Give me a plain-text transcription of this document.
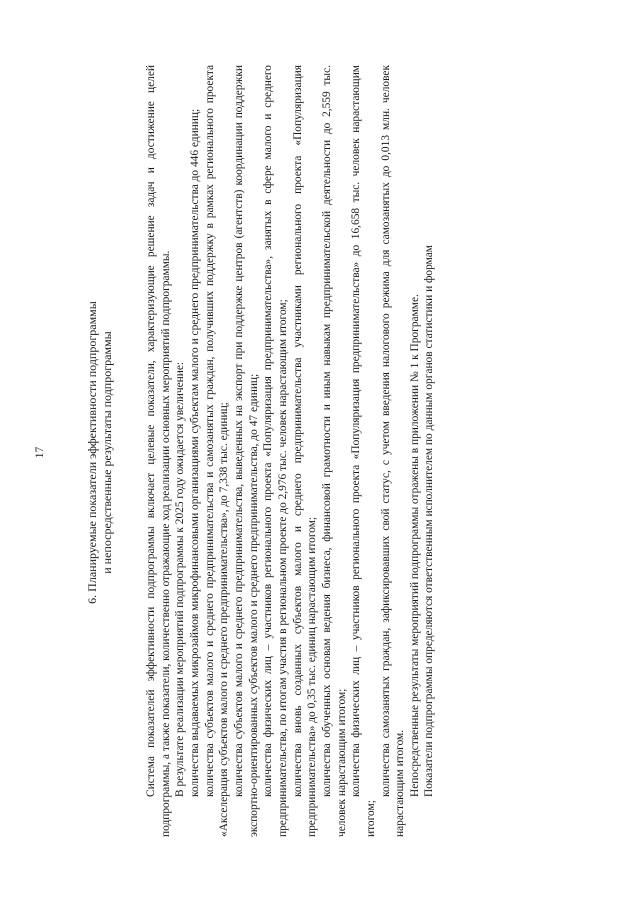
17	6. Планируемые показатели эффективности подпрограммы и непосредственные результаты подпрограммы	Система показателей эффективности подпрограммы включает целевые показатели, характеризующие решение задач и достижение целей подпрограммы, а также показатели, количественно отражающие ход реализации основных мероприятий подпрограммы. В результате реализации мероприятий подпрограммы к 2025 году ожидается увеличение: количества выдаваемых микрозаймов микрофинансовыми организациями субъектам малого и среднего предпринимательства до 446 единиц; количества субъектов малого и среднего предпринимательства и самозанятых граждан, получивших поддержку в рамках регионального проекта «Акселерация субъектов малого и среднего предпринимательства», до 7,338 тыс. единиц; количества субъектов малого и среднего предпринимательства, выведенных на экспорт при поддержке центров (агентств) координации поддержки экспортно-ориентированных субъектов малого и среднего предпринимательства, до 47 единиц; количества физических лиц – участников регионального проекта «Популяризация предпринимательства», занятых в сфере малого и среднего предпринимательства, по итогам участия в региональном проекте до 2,976 тыс. человек нарастающим итогом; количества вновь созданных субъектов малого и среднего предпринимательства участниками регионального проекта «Популяризация предпринимательства» до 0,35 тыс. единиц нарастающим итогом; количества обученных основам ведения бизнеса, финансовой грамотности и иным навыкам предпринимательской деятельности до 2,559 тыс. человек нарастающим итогом; количества физических лиц – участников регионального проекта «Популяризация предпринимательства» до 16,658 тыс. человек нарастающим итогом;

количества самозанятых граждан, зафиксировавших свой статус, с учетом введения налогового режима для самозанятых до 0,013 млн. человек нарастающим итогом. Непосредственные результаты мероприятий подпрограммы отражены в приложении № 1 к Программе. Показатели подпрограммы определяются ответственным исполнителем по данным органов статистики и формам
